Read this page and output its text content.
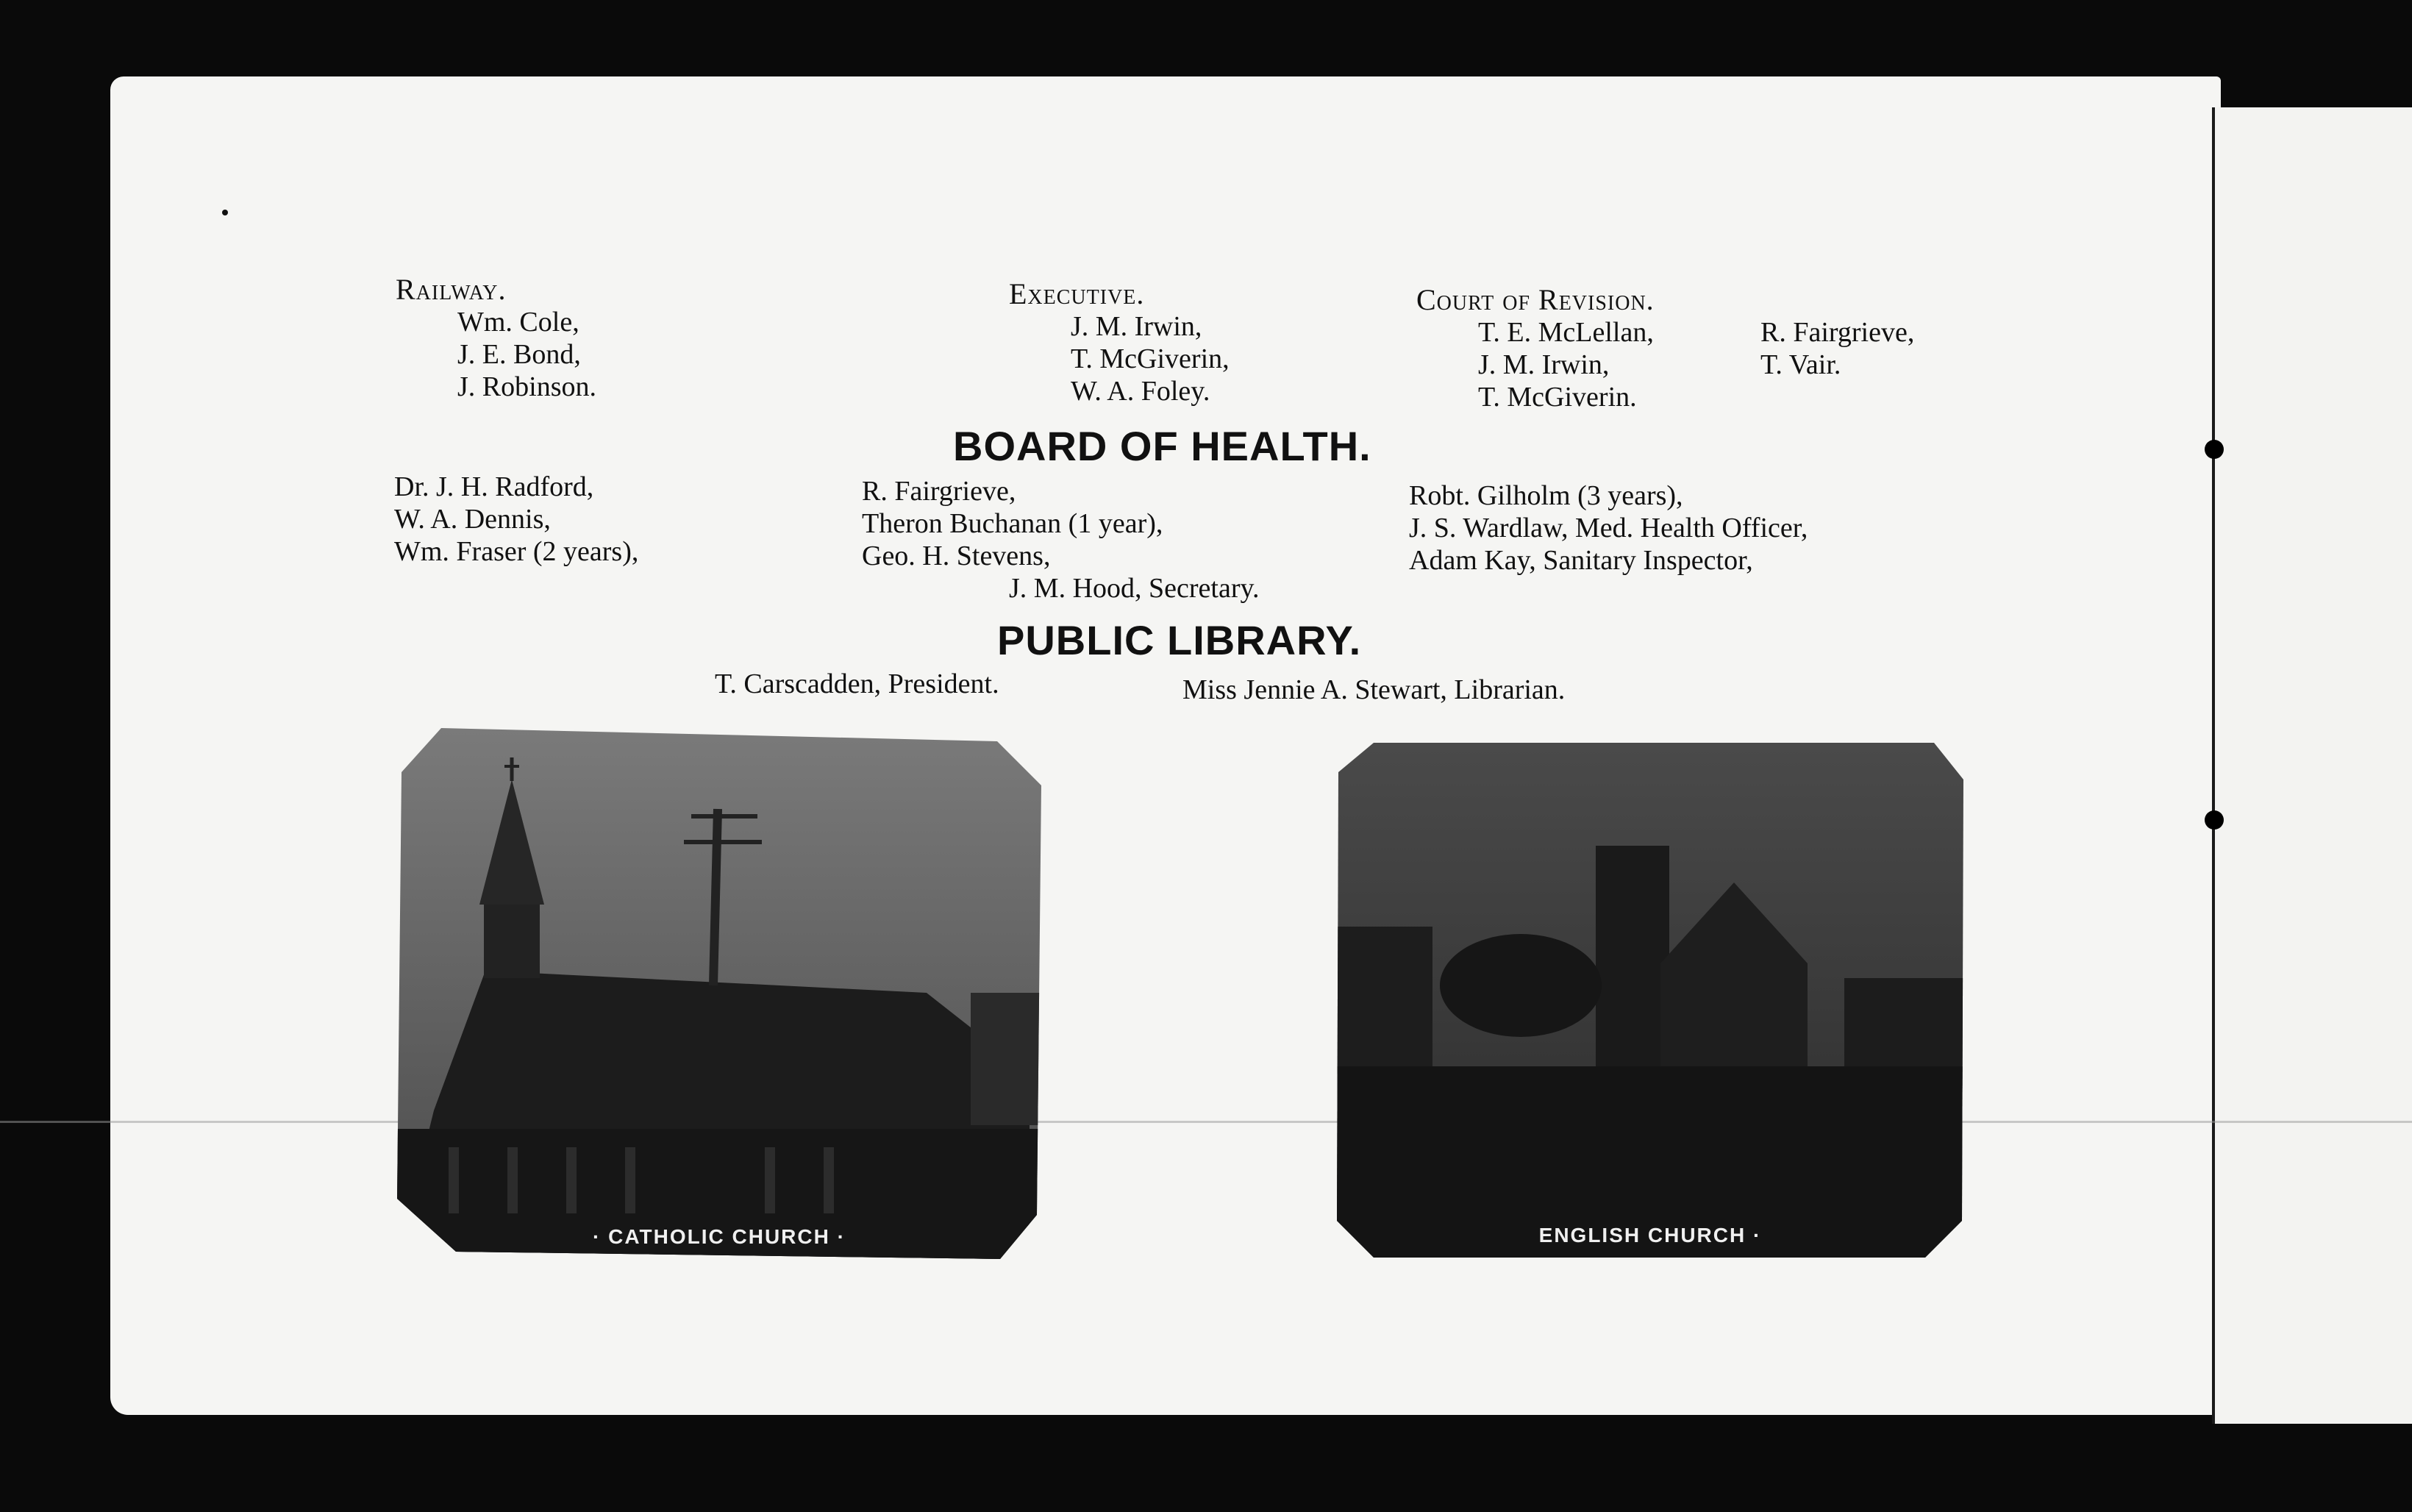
Railway.
Wm. Cole,
J. E. Bond,
J. Robinson.
Executive.
J. M. Irwin,
T. McGiverin,
W. A. Foley.
Court of Revision.
T. E. McLellan,
J. M. Irwin,
T. McGiverin.
R. Fairgrieve,
T. Vair.
BOARD OF HEALTH.
Dr. J. H. Radford,
W. A. Dennis,
Wm. Fraser (2 years),
R. Fairgrieve,
Theron Buchanan (1 year),
Geo. H. Stevens,
J. M. Hood, Secretary.
Robt. Gilholm (3 years),
J. S. Wardlaw, Med. Health Officer,
Adam Kay, Sanitary Inspector,
PUBLIC LIBRARY.
T. Carscadden, President.	Miss Jennie A. Stewart, Librarian.
· CATHOLIC CHURCH ·	ENGLISH CHURCH ·
